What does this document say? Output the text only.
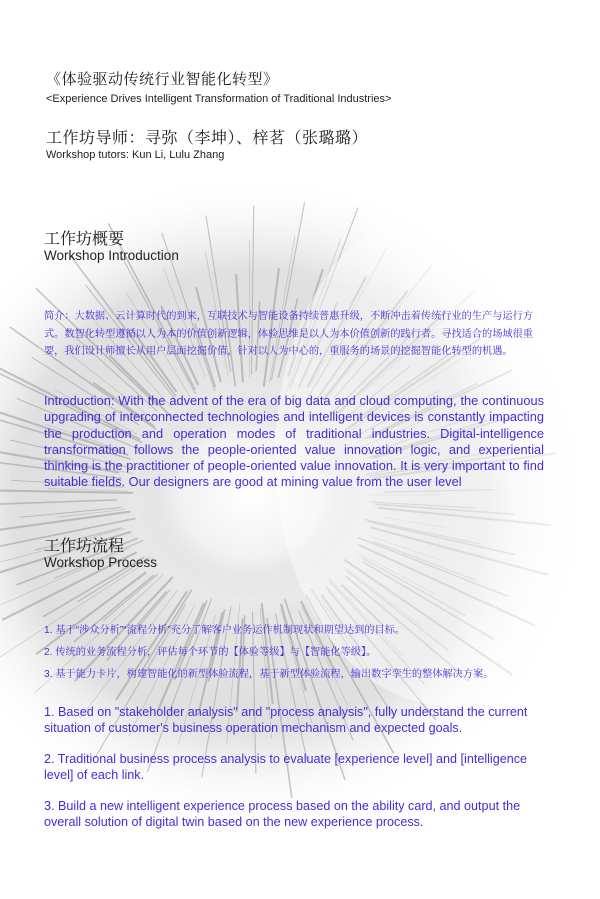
《体验驱动传统行业智能化转型》
<Experience Drives Intelligent Transformation of Traditional Industries>
工作坊导师：寻弥（李坤）、梓茗（张璐璐）
Workshop tutors: Kun Li, Lulu Zhang
工作坊概要
Workshop Introduction
简介：大数据、云计算时代的到来，互联技术与智能设备持续普惠升级，不断冲击着传统行业的生产与运行方式。数智化转型遵循以人为本的价值创新逻辑，体验思维是以人为本价值创新的践行者。寻找适合的场域很重要，我们设计师擅长从用户层面挖掘价值，针对以人为中心的，重服务的场景的挖掘智能化转型的机遇。
Introduction: With the advent of the era of big data and cloud computing, the continuous upgrading of interconnected technologies and intelligent devices is constantly impacting the production and operation modes of traditional industries. Digital-intelligence transformation follows the people-oriented value innovation logic, and experiential thinking is the practitioner of people-oriented value innovation. It is very important to find suitable fields. Our designers are good at mining value from the user level
工作坊流程
Workshop Process
1. 基于“涉众分析”“流程分析”充分了解客户业务运作机制现状和期望达到的目标。
2. 传统的业务流程分析，评估每个环节的【体验等级】与【智能化等级】。
3. 基于能力卡片，构建智能化的新型体验流程，基于新型体验流程，输出数字孪生的整体解决方案。
1. Based on "stakeholder analysis" and "process analysis", fully understand the current situation of customer's business operation mechanism and expected goals.
2. Traditional business process analysis to evaluate [experience level] and [intelligence level] of each link.
3. Build a new intelligent experience process based on the ability card, and output the overall solution of digital twin based on the new experience process.
